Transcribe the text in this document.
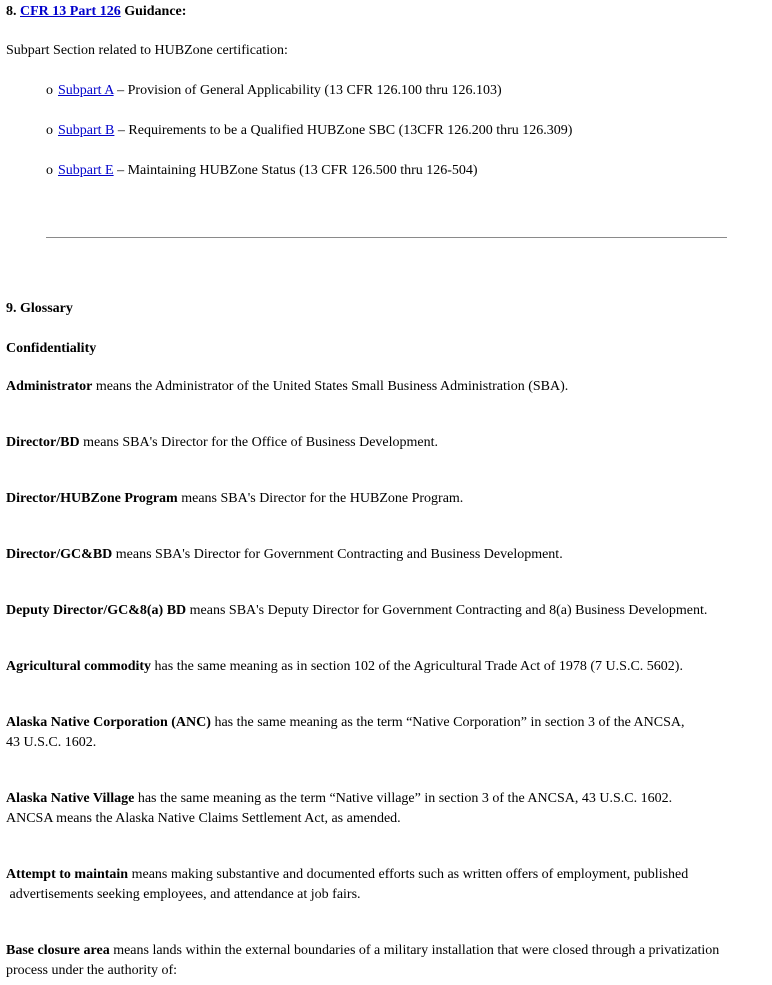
8. CFR 13 Part 126 Guidance:
Subpart Section related to HUBZone certification:
o Subpart A – Provision of General Applicability (13 CFR 126.100 thru 126.103)
o Subpart B – Requirements to be a Qualified HUBZone SBC (13CFR 126.200 thru 126.309)
o Subpart E – Maintaining HUBZone Status (13 CFR 126.500 thru 126-504)
9. Glossary
Confidentiality
Administrator means the Administrator of the United States Small Business Administration (SBA).
Director/BD means SBA's Director for the Office of Business Development.
Director/HUBZone Program means SBA's Director for the HUBZone Program.
Director/GC&BD means SBA's Director for Government Contracting and Business Development.
Deputy Director/GC&8(a) BD means SBA's Deputy Director for Government Contracting and 8(a) Business Development.
Agricultural commodity has the same meaning as in section 102 of the Agricultural Trade Act of 1978 (7 U.S.C. 5602).
Alaska Native Corporation (ANC) has the same meaning as the term “Native Corporation” in section 3 of the ANCSA,
43 U.S.C. 1602.
Alaska Native Village has the same meaning as the term “Native village” in section 3 of the ANCSA, 43 U.S.C. 1602.
ANCSA means the Alaska Native Claims Settlement Act, as amended.
Attempt to maintain means making substantive and documented efforts such as written offers of employment, published
advertisements seeking employees, and attendance at job fairs.
Base closure area means lands within the external boundaries of a military installation that were closed through a privatization
process under the authority of:
